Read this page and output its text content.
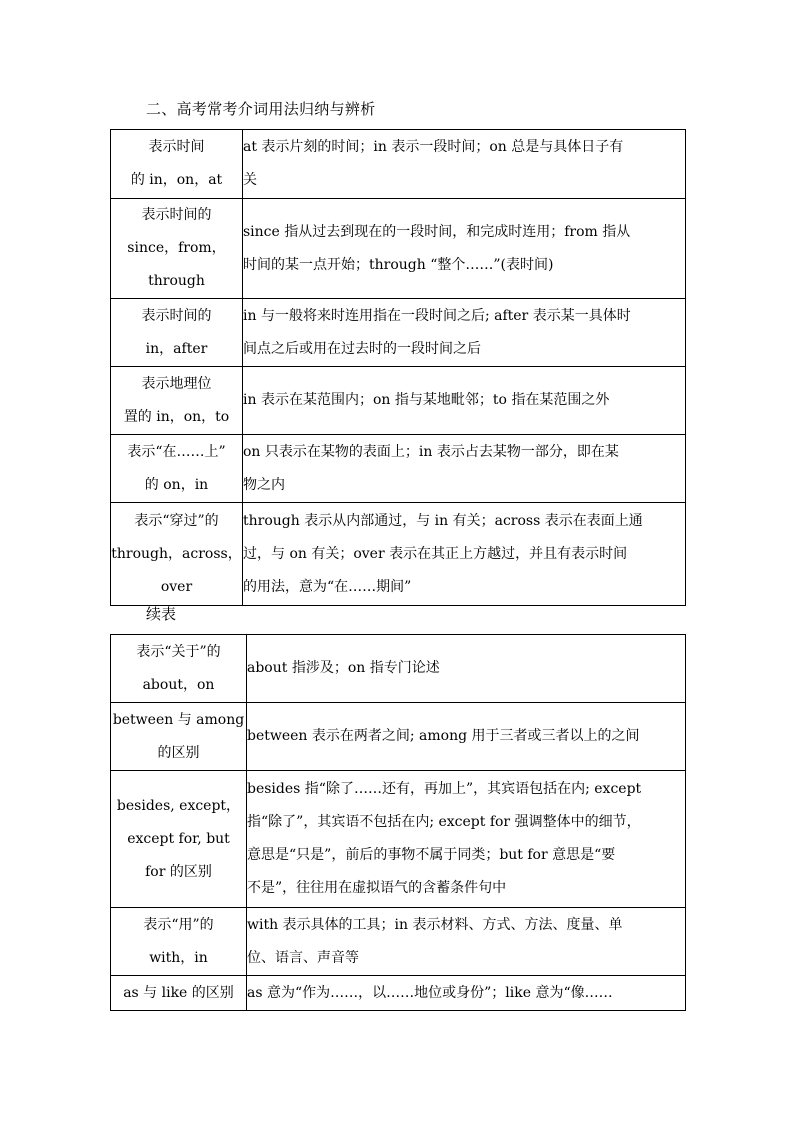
二、高考常考介词用法归纳与辨析
表示时间
的 in，on，at	at 表示片刻的时间；in 表示一段时间；on 总是与具体日子有
关

表示时间的
since，from，
through	since 指从过去到现在的一段时间，和完成时连用；from 指从
时间的某一点开始；through “整个……”(表时间)

表示时间的
in，after	in 与一般将来时连用指在一段时间之后; after 表示某一具体时
间点之后或用在过去时的一段时间之后

表示地理位
置的 in，on，to	in 表示在某范围内；on 指与某地毗邻；to 指在某范围之外

表示“在……上”
的 on，in	on 只表示在某物的表面上；in 表示占去某物一部分，即在某
物之内

表示“穿过”的
through，across，
over	through 表示从内部通过，与 in 有关；across 表示在表面上通
过，与 on 有关；over 表示在其正上方越过，并且有表示时间
的用法，意为“在……期间”
续表
表示“关于”的
about，on	about 指涉及；on 指专门论述

between 与 among
的区别	between 表示在两者之间; among 用于三者或三者以上的之间

besides, except，
except for, but
for 的区别	besides 指“除了……还有，再加上”，其宾语包括在内; except
指“除了”，其宾语不包括在内; except for 强调整体中的细节，
意思是“只是”，前后的事物不属于同类；but for 意思是“要
不是”，往往用在虚拟语气的含蓄条件句中

表示“用”的
with，in	with 表示具体的工具；in 表示材料、方式、方法、度量、单
位、语言、声音等

as 与 like 的区别	as 意为“作为……，以……地位或身份”；like 意为“像……
